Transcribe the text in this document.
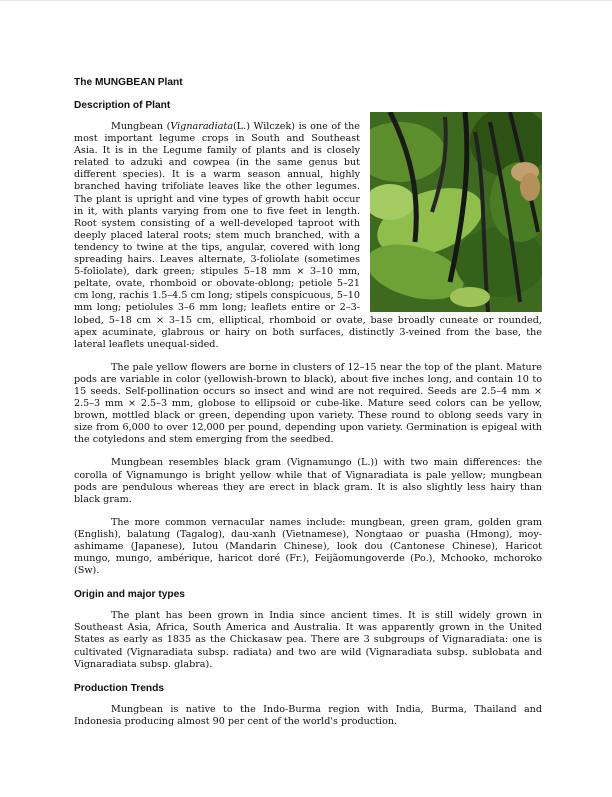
The MUNGBEAN Plant
Description of Plant

Mungbean (Vignaradiata(L.) Wilczek) is one of the most important legume crops in South and Southeast Asia. It is in the Legume family of plants and is closely related to adzuki and cowpea (in the same genus but different species). It is a warm season annual, highly branched having trifoliate leaves like the other legumes. The plant is upright and vine types of growth habit occur in it, with plants varying from one to five feet in length. Root system consisting of a well-developed taproot with deeply placed lateral roots; stem much branched, with a tendency to twine at the tips, angular, covered with long spreading hairs. Leaves alternate, 3-foliolate (sometimes 5-foliolate), dark green; stipules 5–18 mm × 3–10 mm, peltate, ovate, rhomboid or obovate-oblong; petiole 5–21 cm long, rachis 1.5–4.5 cm long; stipels conspicuous, 5–10 mm long; petiolules 3–6 mm long; leaflets entire or 2–3-lobed, 5–18 cm × 3–15 cm, elliptical, rhomboid or ovate, base broadly cuneate or rounded, apex acuminate, glabrous or hairy on both surfaces, distinctly 3-veined from the base, the lateral leaflets unequal-sided.

The pale yellow flowers are borne in clusters of 12–15 near the top of the plant. Mature pods are variable in color (yellowish-brown to black), about five inches long, and contain 10 to 15 seeds. Self-pollination occurs so insect and wind are not required. Seeds are 2.5–4 mm × 2.5–3 mm × 2.5–3 mm, globose to ellipsoid or cube-like. Mature seed colors can be yellow, brown, mottled black or green, depending upon variety. These round to oblong seeds vary in size from 6,000 to over 12,000 per pound, depending upon variety. Germination is epigeal with the cotyledons and stem emerging from the seedbed.

Mungbean resembles black gram (Vignamungo (L.)) with two main differences: the corolla of Vignamungo is bright yellow while that of Vignaradiata is pale yellow; mungbean pods are pendulous whereas they are erect in black gram. It is also slightly less hairy than black gram.

The more common vernacular names include: mungbean, green gram, golden gram (English), balatung (Tagalog), dau-xanh (Vietnamese), Nongtaao or puasha (Hmong), moy-ashimame (Japanese), Iutou (Mandarin Chinese), look dou (Cantonese Chinese), Haricot mungo, mungo, ambérique, haricot doré (Fr.), Feijãomungoverde (Po.), Mchooko, mchoroko (Sw).

Origin and major types

The plant has been grown in India since ancient times. It is still widely grown in Southeast Asia, Africa, South America and Australia. It was apparently grown in the United States as early as 1835 as the Chickasaw pea. There are 3 subgroups of Vignaradiata: one is cultivated (Vignaradiata subsp. radiata) and two are wild (Vignaradiata subsp. sublobata and Vignaradiata subsp. glabra).

Production Trends

Mungbean is native to the Indo-Burma region with India, Burma, Thailand and Indonesia producing almost 90 per cent of the world's production.
